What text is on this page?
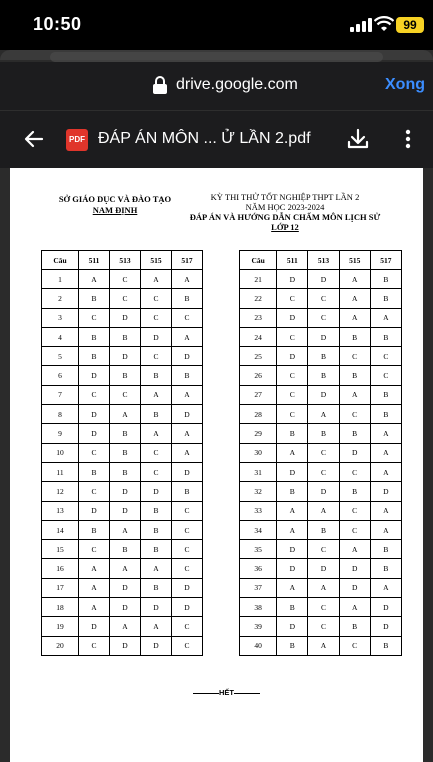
10:50	99
drive.google.com	Xong
PDF ĐÁP ÁN MÔN ... Ử LẦN 2.pdf
SỞ GIÁO DỤC VÀ ĐÀO TẠO
NAM ĐỊNH
KỲ THI THỬ TỐT NGHIỆP THPT LẦN 2
NĂM HỌC 2023-2024
ĐÁP ÁN VÀ HƯỚNG DẪN CHẤM MÔN LỊCH SỬ
LỚP 12
Câu	511	513	515	517
1	A	C	A	A
2	B	C	C	B
3	C	D	C	C
4	B	B	D	A
5	B	D	C	D
6	D	B	B	B
7	C	C	A	A
8	D	A	B	D
9	D	B	A	A
10	C	B	C	A
11	B	B	C	D
12	C	D	D	B
13	D	D	B	C
14	B	A	B	C
15	C	B	B	C
16	A	A	A	C
17	A	D	B	D
18	A	D	D	D
19	D	A	A	C
20	C	D	D	C
Câu	511	513	515	517
21	D	D	A	B
22	C	C	A	B
23	D	C	A	A
24	C	D	B	B
25	D	B	C	C
26	C	B	B	C
27	C	D	A	B
28	C	A	C	B
29	B	B	B	A
30	A	C	D	A
31	D	C	C	A
32	B	D	B	D
33	A	A	C	A
34	A	B	C	A
35	D	C	A	B
36	D	D	D	B
37	A	A	D	A
38	B	C	A	D
39	D	C	B	D
40	B	A	C	B
HẾT
